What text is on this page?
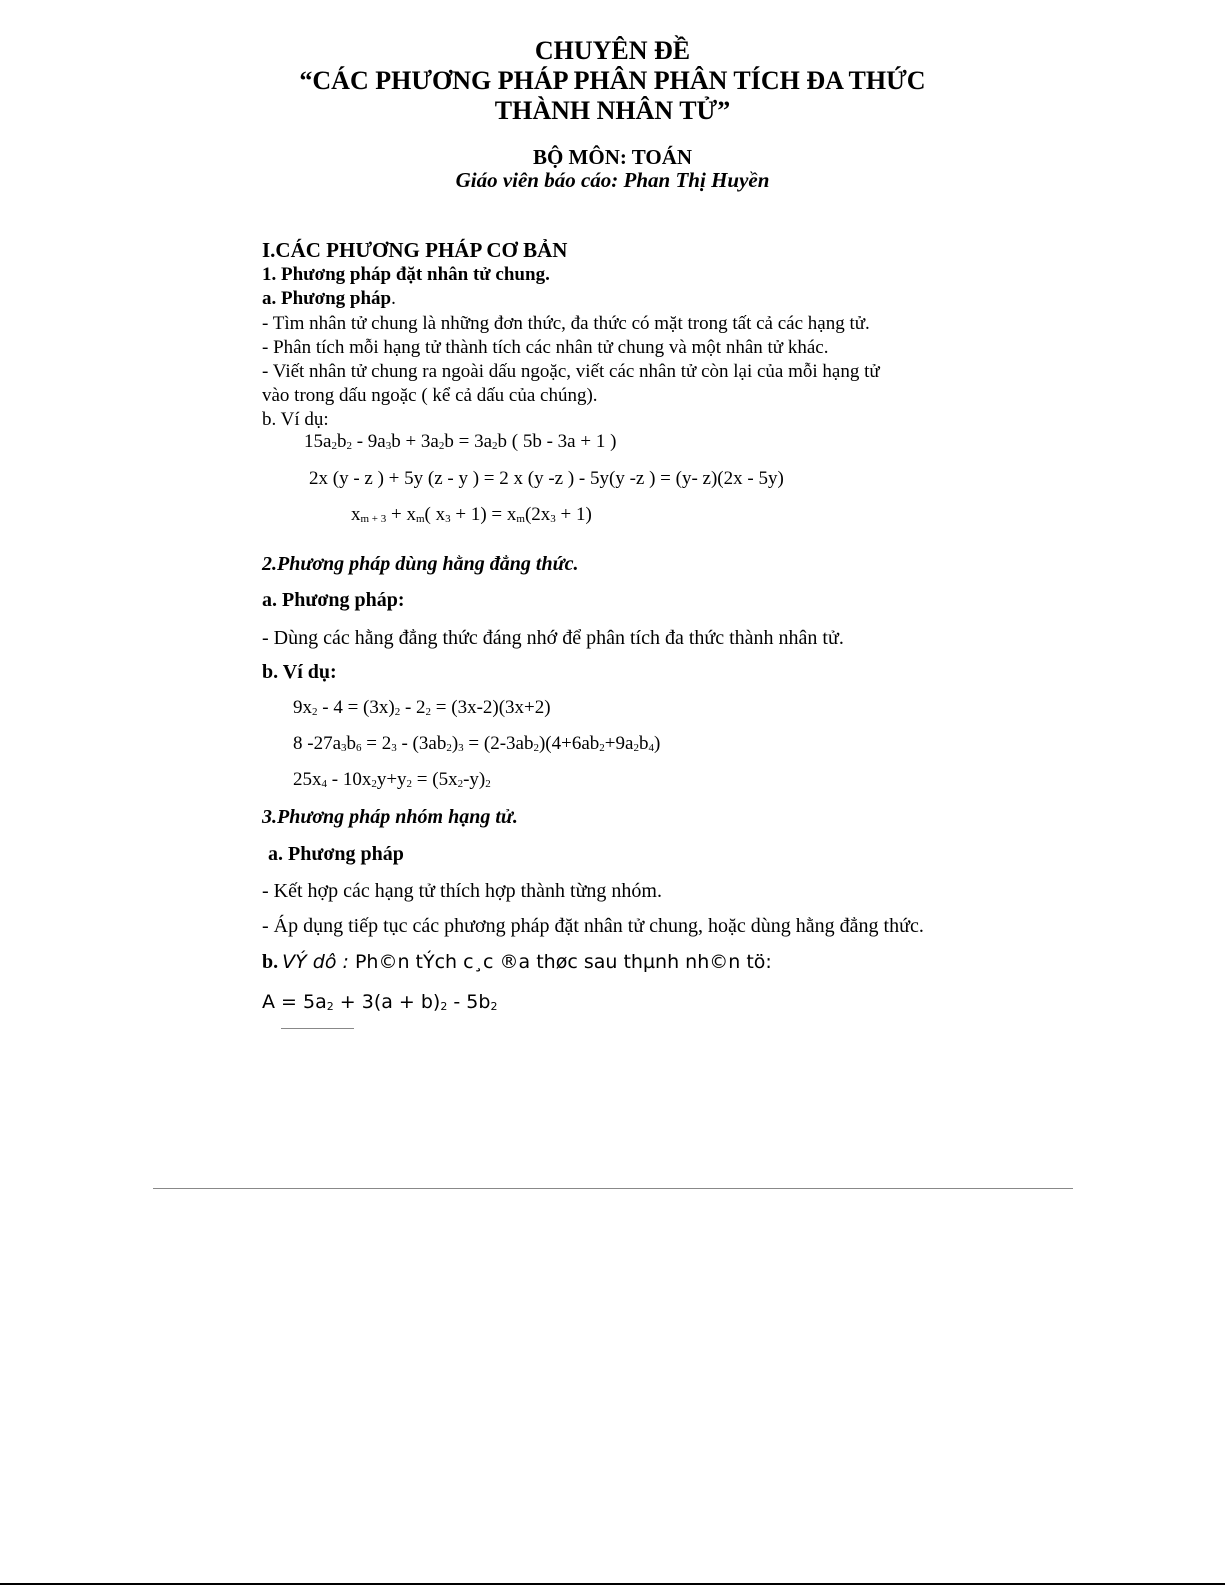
CHUYÊN ĐỀ
“CÁC PHƯƠNG PHÁP PHÂN PHÂN TÍCH ĐA THỨC
THÀNH NHÂN TỬ”
BỘ MÔN: TOÁN
Giáo viên báo cáo: Phan Thị Huyền
I.CÁC PHƯƠNG PHÁP CƠ BẢN
1. Phương pháp đặt nhân tử chung.
a. Phương pháp.
- Tìm nhân tử chung là những đơn thức, đa thức có mặt trong tất cả các hạng tử.
- Phân tích mỗi hạng tử thành tích các nhân tử chung và một nhân tử khác.
- Viết nhân tử chung ra ngoài dấu ngoặc, viết các nhân tử còn lại của mỗi hạng tử
vào trong dấu ngoặc ( kể cả dấu của chúng).
b. Ví dụ:
$15a_2b_2 - 9a_3b + 3a_2b = 3a_2b$ ( 5b - 3a + 1 )
2x (y - z ) + 5y (z - y ) = 2 x (y -z ) - 5y(y -z ) = (y- z)(2x - 5y)
$x_{m + 3} + x_m$( $x_3 + 1) = x_m(2x_3 + 1)$
2.Phương pháp dùng hằng đẳng thức.
a. Phương pháp:
- Dùng các hằng đẳng thức đáng nhớ để phân tích đa thức thành nhân tử.
b. Ví dụ:
$9x_2 - 4 = (3x)_2 - 2_2 = (3x-2)(3x+2)$
8 $-27a_3b_6 = 2_3 - (3ab_2)_3 = (2-3ab_2)(4+6ab_2+9a_2b_4)$
$25x_4 - 10x_2y+y_2 = (5x_2-y)_2$
3.Phương pháp nhóm hạng tử.
a. Phương pháp
- Kết hợp các hạng tử thích hợp thành từng nhóm.
- Áp dụng tiếp tục các phương pháp đặt nhân tử chung, hoặc dùng hằng đẳng thức.
b. VÝ dô : Ph©n tÝch c¸c ®a thøc sau thµnh nh©n tö:
$A = 5a_2 + 3(a + b)_2 - 5b_2$
